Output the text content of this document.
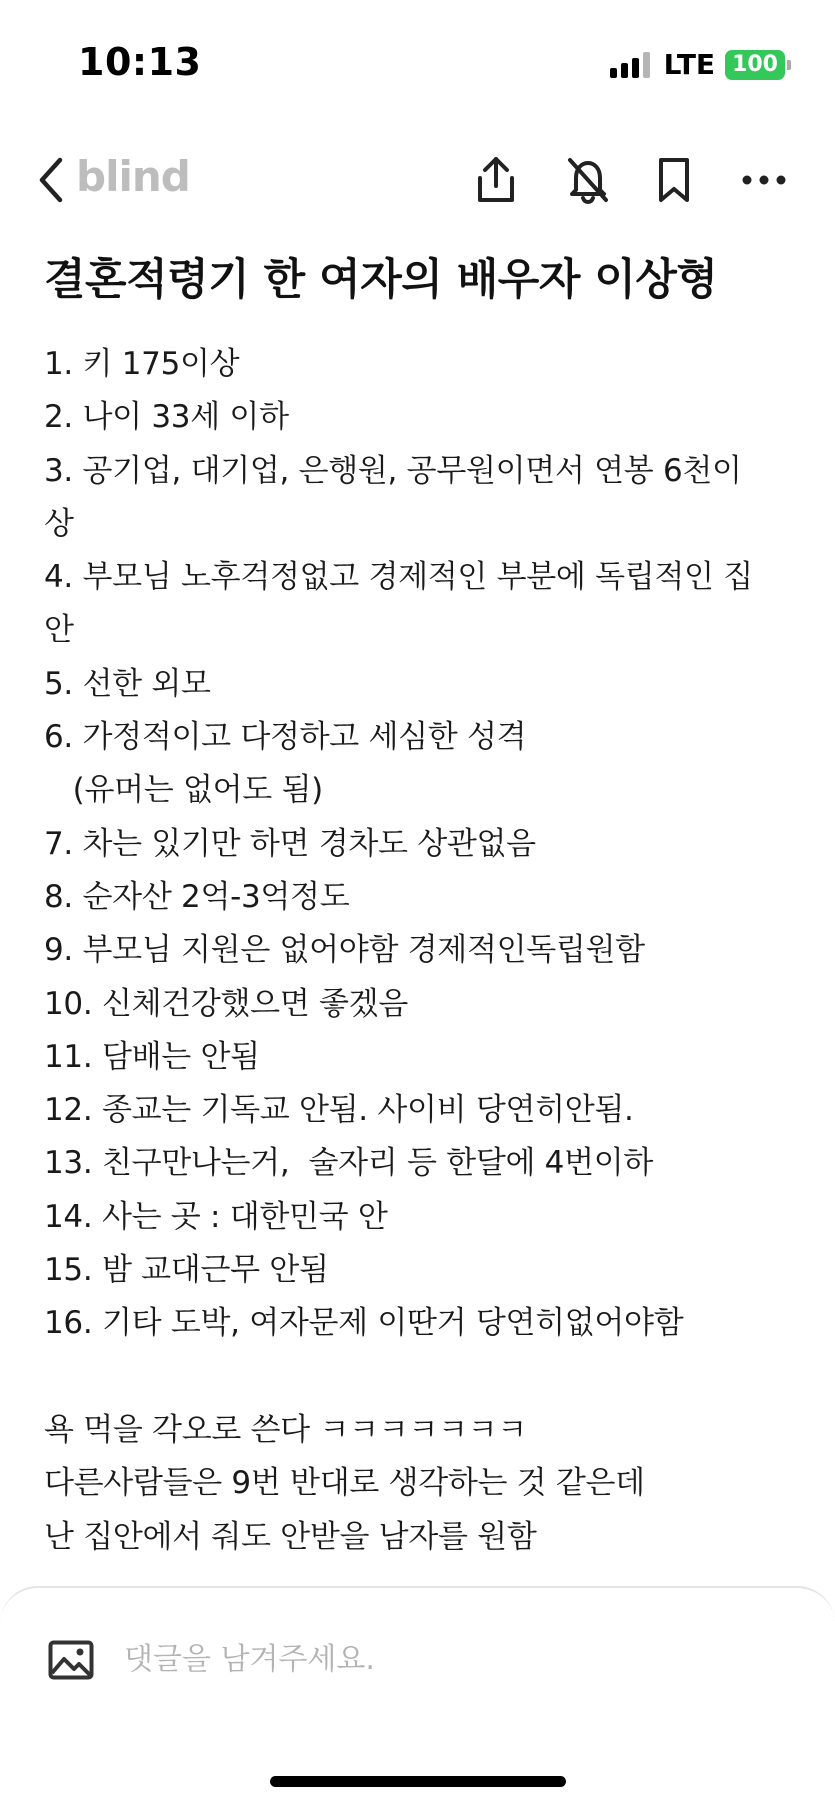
10:13	LTE 100
blind
결혼적령기 한 여자의 배우자 이상형
1. 키 175이상
2. 나이 33세 이하
3. 공기업, 대기업, 은행원, 공무원이면서 연봉 6천이
상
4. 부모님 노후걱정없고 경제적인 부분에 독립적인 집
안
5. 선한 외모
6. 가정적이고 다정하고 세심한 성격
(유머는 없어도 됨)
7. 차는 있기만 하면 경차도 상관없음
8. 순자산 2억-3억정도
9. 부모님 지원은 없어야함 경제적인독립원함
10. 신체건강했으면 좋겠음
11. 담배는 안됨
12. 종교는 기독교 안됨. 사이비 당연히안됨.
13. 친구만나는거,  술자리 등 한달에 4번이하
14. 사는 곳 : 대한민국 안
15. 밤 교대근무 안됨
16. 기타 도박, 여자문제 이딴거 당연히없어야함

욕 먹을 각오로 쓴다 ㅋㅋㅋㅋㅋㅋㅋ
다른사람들은 9번 반대로 생각하는 것 같은데
난 집안에서 줘도 안받을 남자를 원함
댓글을 남겨주세요.
